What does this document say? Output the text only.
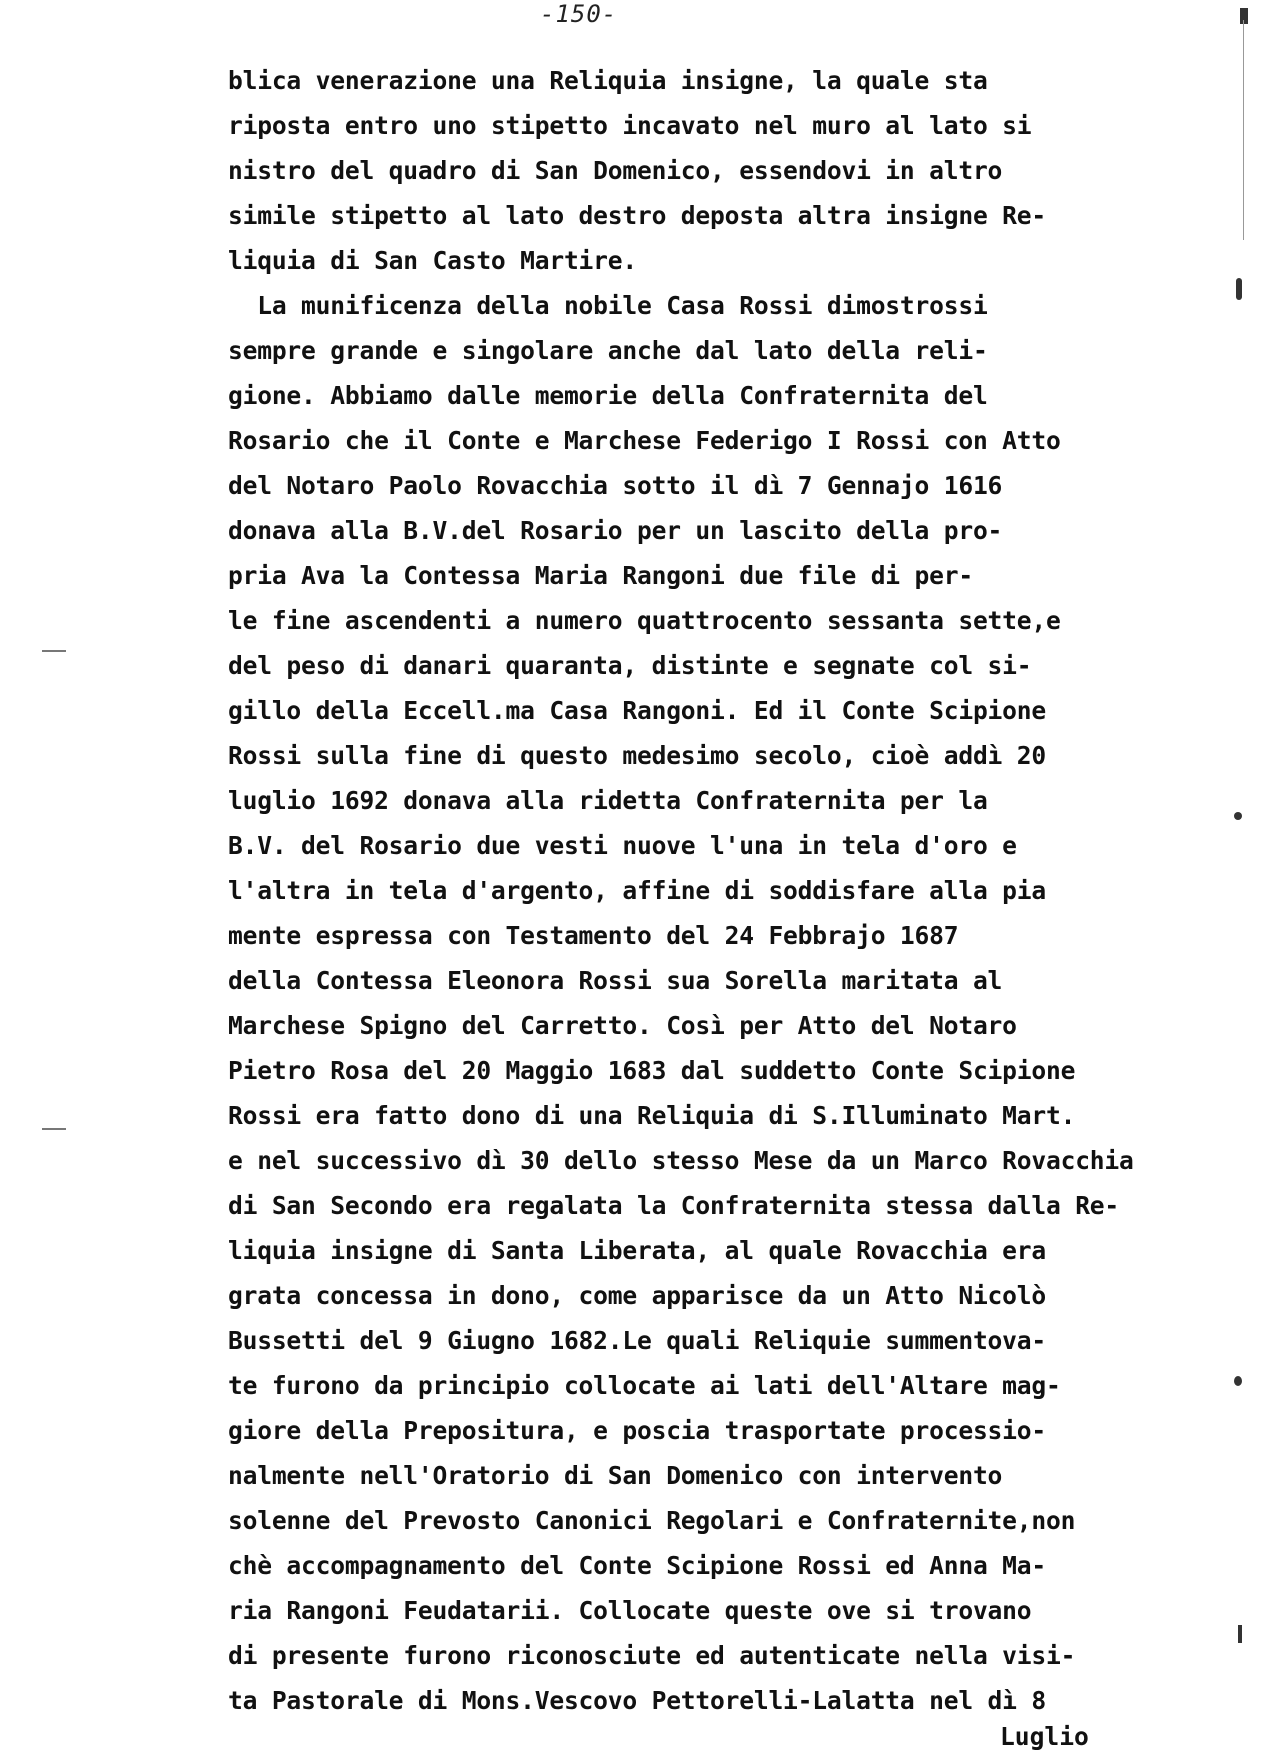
-150-
blica venerazione una Reliquia insigne, la quale sta
riposta entro uno stipetto incavato nel muro al lato si
nistro del quadro di San Domenico, essendovi in altro
simile stipetto al lato destro deposta altra insigne Re-
liquia di San Casto Martire.
La munificenza della nobile Casa Rossi dimostrossi
sempre grande e singolare anche dal lato della reli-
gione. Abbiamo dalle memorie della Confraternita del
Rosario che il Conte e Marchese Federigo I Rossi con Atto
del Notaro Paolo Rovacchia sotto il dì 7 Gennajo 1616
donava alla B.V.del Rosario per un lascito della pro-
pria Ava la Contessa Maria Rangoni due file di per-
le fine ascendenti a numero quattrocento sessanta sette,e
del peso di danari quaranta, distinte e segnate col si-
gillo della Eccell.ma Casa Rangoni. Ed il Conte Scipione
Rossi sulla fine di questo medesimo secolo, cioè addì 20
luglio 1692 donava alla ridetta Confraternita per la
B.V. del Rosario due vesti nuove l'una in tela d'oro e
l'altra in tela d'argento, affine di soddisfare alla pia
mente espressa con Testamento del 24 Febbrajo 1687
della Contessa Eleonora Rossi sua Sorella maritata al
Marchese Spigno del Carretto. Così per Atto del Notaro
Pietro Rosa del 20 Maggio 1683 dal suddetto Conte Scipione
Rossi era fatto dono di una Reliquia di S.Illuminato Mart.
e nel successivo dì 30 dello stesso Mese da un Marco Rovacchia
di San Secondo era regalata la Confraternita stessa dalla Re-
liquia insigne di Santa Liberata, al quale Rovacchia era
grata concessa in dono, come apparisce da un Atto Nicolò
Bussetti del 9 Giugno 1682.Le quali Reliquie summentova-
te furono da principio collocate ai lati dell'Altare mag-
giore della Prepositura, e poscia trasportate processio-
nalmente nell'Oratorio di San Domenico con intervento
solenne del Prevosto Canonici Regolari e Confraternite,non
chè accompagnamento del Conte Scipione Rossi ed Anna Ma-
ria Rangoni Feudatarii. Collocate queste ove si trovano
di presente furono riconosciute ed autenticate nella visi-
ta Pastorale di Mons.Vescovo Pettorelli-Lalatta nel dì 8
Luglio
